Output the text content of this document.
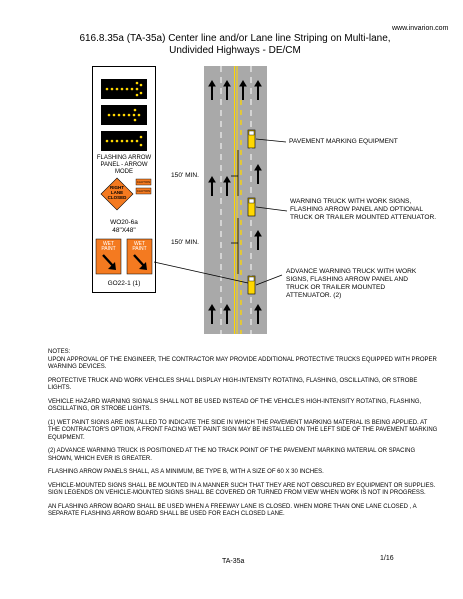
www.invarion.com
616.8.35a (TA-35a) Center line and/or Lane line Striping on Multi-lane,
Undivided Highways - DE/CM
FLASHING ARROW PANEL - ARROW MODE
CAUTION
CAUTION
RIGHT LANE CLOSED
WO20-6a
48"X48"
WET PAINT
WET PAINT
GO22-1 (1)
150' MIN.
150' MIN.
PAVEMENT MARKING EQUIPMENT
WARNING TRUCK WITH WORK SIGNS, FLASHING ARROW PANEL AND OPTIONAL TRUCK OR TRAILER MOUNTED ATTENUATOR.
ADVANCE WARNING TRUCK WITH WORK SIGNS, FLASHING ARROW PANEL AND TRUCK OR TRAILER MOUNTED ATTENUATOR. (2)
NOTES:

UPON APPROVAL OF THE ENGINEER, THE CONTRACTOR MAY PROVIDE ADDITIONAL PROTECTIVE TRUCKS EQUIPPED WITH PROPER WARNING DEVICES.

PROTECTIVE TRUCK AND WORK VEHICLES SHALL DISPLAY HIGH-INTENSITY ROTATING, FLASHING, OSCILLATING, OR STROBE LIGHTS.

VEHICLE HAZARD WARNING SIGNALS SHALL NOT BE USED INSTEAD OF THE VEHICLE'S HIGH-INTENSITY ROTATING, FLASHING, OSCILLATING, OR STROBE LIGHTS.

(1) WET PAINT SIGNS ARE INSTALLED TO INDICATE THE SIDE IN WHICH THE PAVEMENT MARKING MATERIAL IS BEING APPLIED. AT THE CONTRACTOR'S OPTION, A FRONT FACING WET PAINT SIGN MAY BE INSTALLED ON THE LEFT SIDE OF THE PAVEMENT MARKING EQUIPMENT.

(2) ADVANCE WARNING TRUCK IS POSITIONED AT THE NO TRACK POINT OF THE PAVEMENT MARKING MATERIAL OR SPACING SHOWN, WHICH EVER IS GREATER.

FLASHING ARROW PANELS SHALL, AS A MINIMUM, BE TYPE B, WITH A SIZE OF 60 X 30 INCHES.

VEHICLE-MOUNTED SIGNS SHALL BE MOUNTED IN A MANNER SUCH THAT THEY ARE NOT OBSCURED BY EQUIPMENT OR SUPPLIES. SIGN LEGENDS ON VEHICLE-MOUNTED SIGNS SHALL BE COVERED OR TURNED FROM VIEW WHEN WORK IS NOT IN PROGRESS.

AN FLASHING ARROW BOARD SHALL BE USED WHEN A FREEWAY LANE IS CLOSED. WHEN MORE THAN ONE LANE CLOSED , A SEPARATE FLASHING ARROW BOARD SHALL BE USED FOR EACH CLOSED LANE.

TA-35a	1/16
